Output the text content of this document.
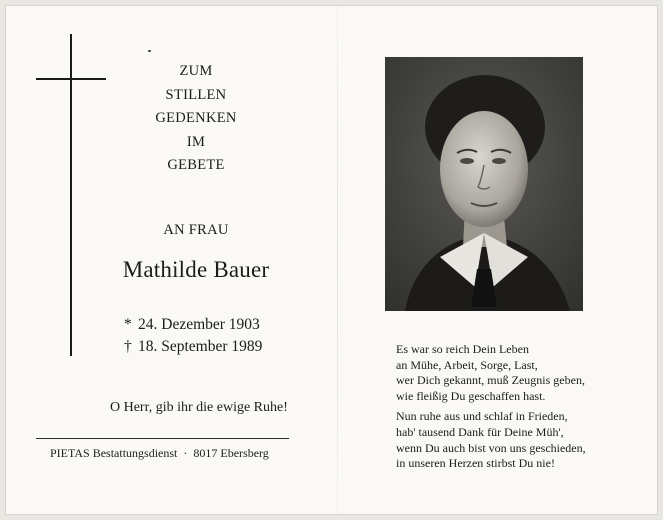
ZUM
STILLEN
GEDENKEN
IM
GEBETE
AN FRAU
Mathilde Bauer
* 24. Dezember 1903
† 18. September 1989
O Herr, gib ihr die ewige Ruhe!
PIETAS Bestattungsdienst · 8017 Ebersberg
Es war so reich Dein Leben
an Mühe, Arbeit, Sorge, Last,
wer Dich gekannt, muß Zeugnis geben,
wie fleißig Du geschaffen hast.
Nun ruhe aus und schlaf in Frieden,
hab' tausend Dank für Deine Müh',
wenn Du auch bist von uns geschieden,
in unseren Herzen stirbst Du nie!
